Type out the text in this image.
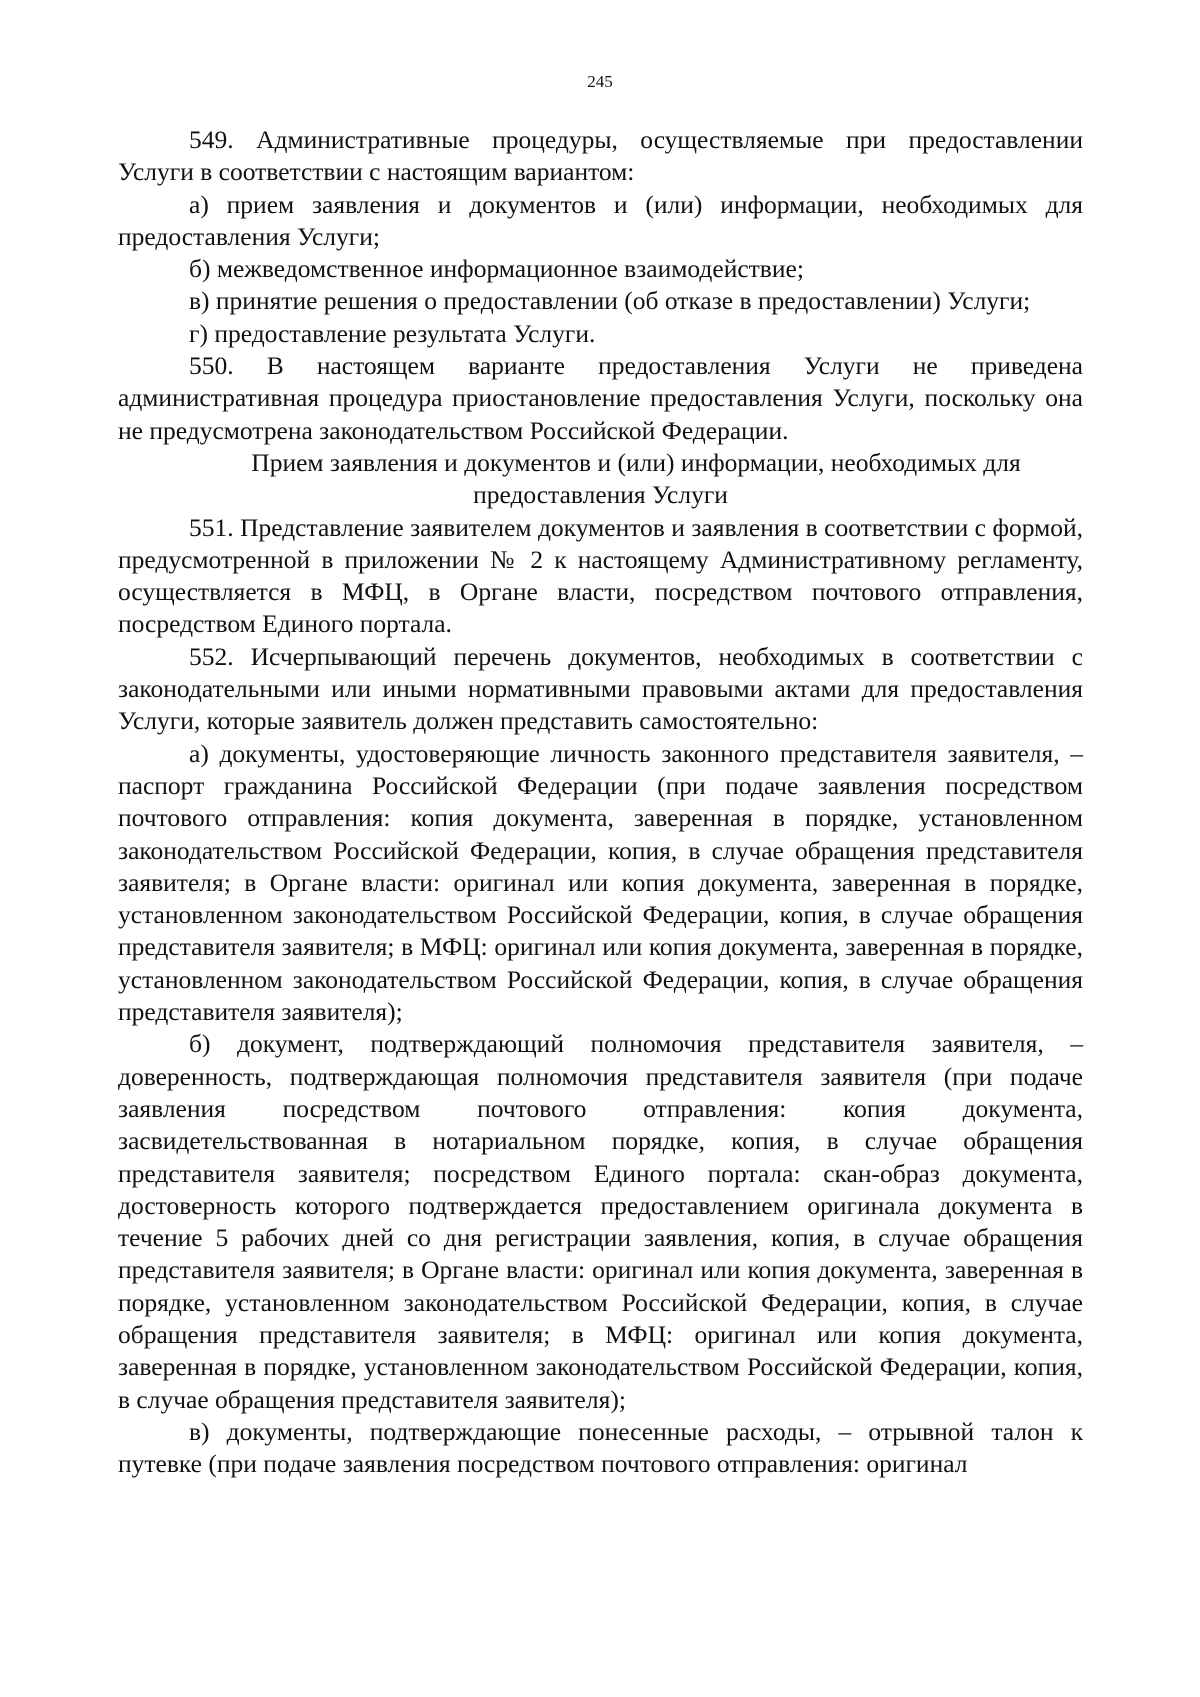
245

549. Административные процедуры, осуществляемые при предоставлении Услуги в соответствии с настоящим вариантом:

а) прием заявления и документов и (или) информации, необходимых для предоставления Услуги;

б) межведомственное информационное взаимодействие;

в) принятие решения о предоставлении (об отказе в предоставлении) Услуги;

г) предоставление результата Услуги.

550. В настоящем варианте предоставления Услуги не приведена административная процедура приостановление предоставления Услуги, поскольку она не предусмотрена законодательством Российской Федерации.

Прием заявления и документов и (или) информации, необходимых для предоставления Услуги

551. Представление заявителем документов и заявления в соответствии с формой, предусмотренной в приложении № 2 к настоящему Административному регламенту, осуществляется в МФЦ, в Органе власти, посредством почтового отправления, посредством Единого портала.

552. Исчерпывающий перечень документов, необходимых в соответствии с законодательными или иными нормативными правовыми актами для предоставления Услуги, которые заявитель должен представить самостоятельно:

а) документы, удостоверяющие личность законного представителя заявителя, – паспорт гражданина Российской Федерации (при подаче заявления посредством почтового отправления: копия документа, заверенная в порядке, установленном законодательством Российской Федерации, копия, в случае обращения представителя заявителя; в Органе власти: оригинал или копия документа, заверенная в порядке, установленном законодательством Российской Федерации, копия, в случае обращения представителя заявителя; в МФЦ: оригинал или копия документа, заверенная в порядке, установленном законодательством Российской Федерации, копия, в случае обращения представителя заявителя);

б) документ, подтверждающий полномочия представителя заявителя, – доверенность, подтверждающая полномочия представителя заявителя (при подаче заявления посредством почтового отправления: копия документа, засвидетельствованная в нотариальном порядке, копия, в случае обращения представителя заявителя; посредством Единого портала: скан-образ документа, достоверность которого подтверждается предоставлением оригинала документа в течение 5 рабочих дней со дня регистрации заявления, копия, в случае обращения представителя заявителя; в Органе власти: оригинал или копия документа, заверенная в порядке, установленном законодательством Российской Федерации, копия, в случае обращения представителя заявителя; в МФЦ: оригинал или копия документа, заверенная в порядке, установленном законодательством Российской Федерации, копия, в случае обращения представителя заявителя);

в) документы, подтверждающие понесенные расходы, – отрывной талон к путевке (при подаче заявления посредством почтового отправления: оригинал
